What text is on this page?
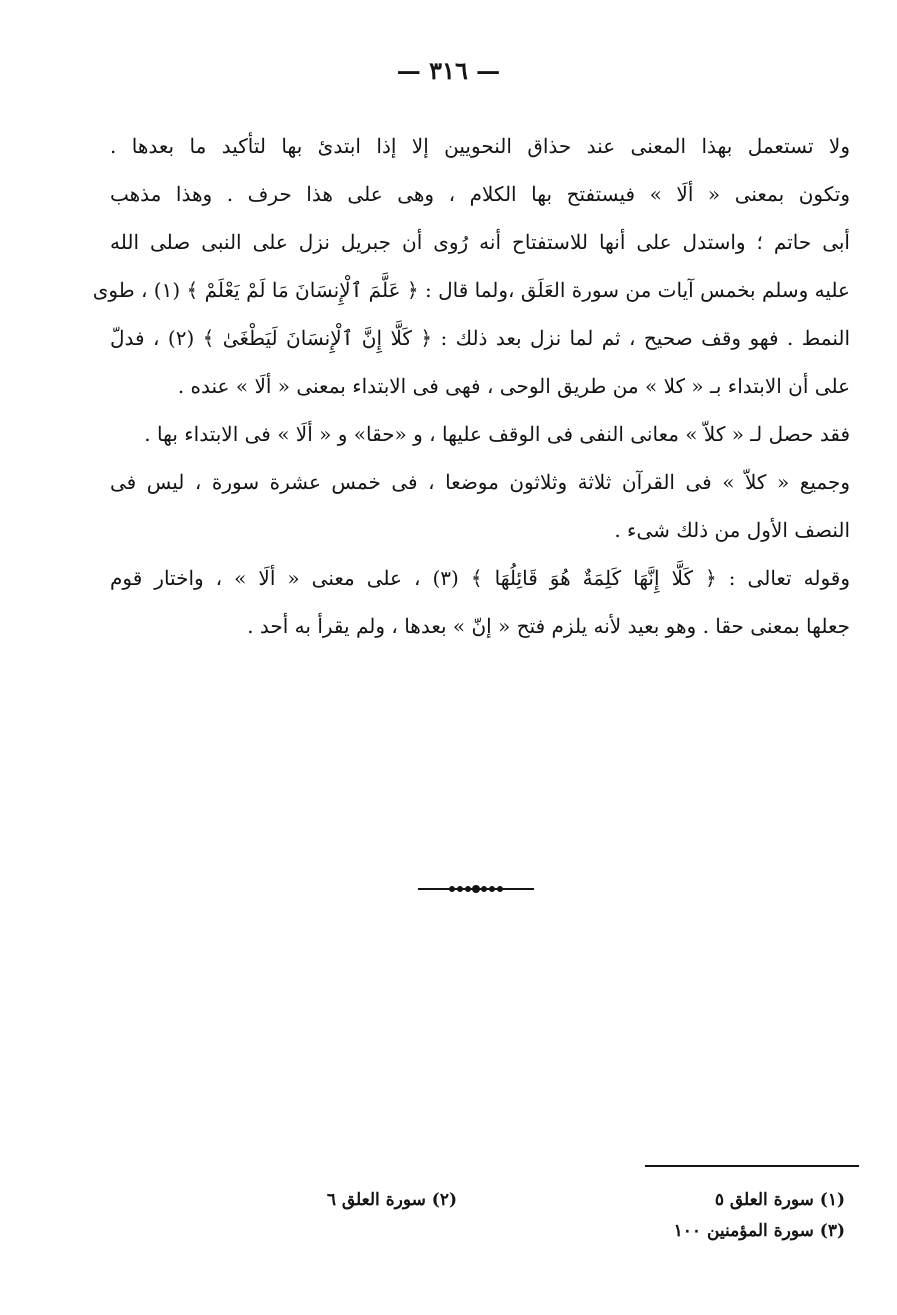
— ٣١٦ —
ولا تستعمل بهذا المعنى عند حذاق النحويين إلا إذا ابتدئ بها لتأكيد ما بعدها .
وتكون بمعنى « ألَا » فيستفتح بها الكلام ، وهى على هذا حرف . وهذا مذهب
أبى حاتم ؛ واستدل على أنها للاستفتاح أنه رُوى أن جبريل نزل على النبى صلى الله
عليه وسلم بخمس آيات من سورة العَلَق ،ولما قال : ﴿ عَلَّمَ ٱلْإِنسَانَ مَا لَمْ يَعْلَمْ ﴾ (١) ، طوى
النمط . فهو وقف صحيح ، ثم لما نزل بعد ذلك : ﴿ كَلَّا إِنَّ ٱلْإِنسَانَ لَيَطْغَىٰ ﴾ (٢) ، فدلّ
على أن الابتداء بـ « كلا » من طريق الوحى ، فهى فى الابتداء بمعنى « ألَا » عنده .
فقد حصل لـ « كلاّ » معانى النفى فى الوقف عليها ، و «حقا» و « ألَا » فى الابتداء بها .
وجميع « كلاّ » فى القرآن ثلاثة وثلاثون موضعا ، فى خمس عشرة سورة ، ليس فى
النصف الأول من ذلك شىء .
وقوله تعالى : ﴿ كَلَّا إِنَّهَا كَلِمَةٌ هُوَ قَائِلُهَا ﴾ (٣) ، على معنى « ألَا » ، واختار قوم
جعلها بمعنى حقا . وهو بعيد لأنه يلزم فتح « إنّ » بعدها ، ولم يقرأ به أحد .
(١) سورة العلق ٥
(٢) سورة العلق ٦
(٣) سورة المؤمنين ١٠٠
